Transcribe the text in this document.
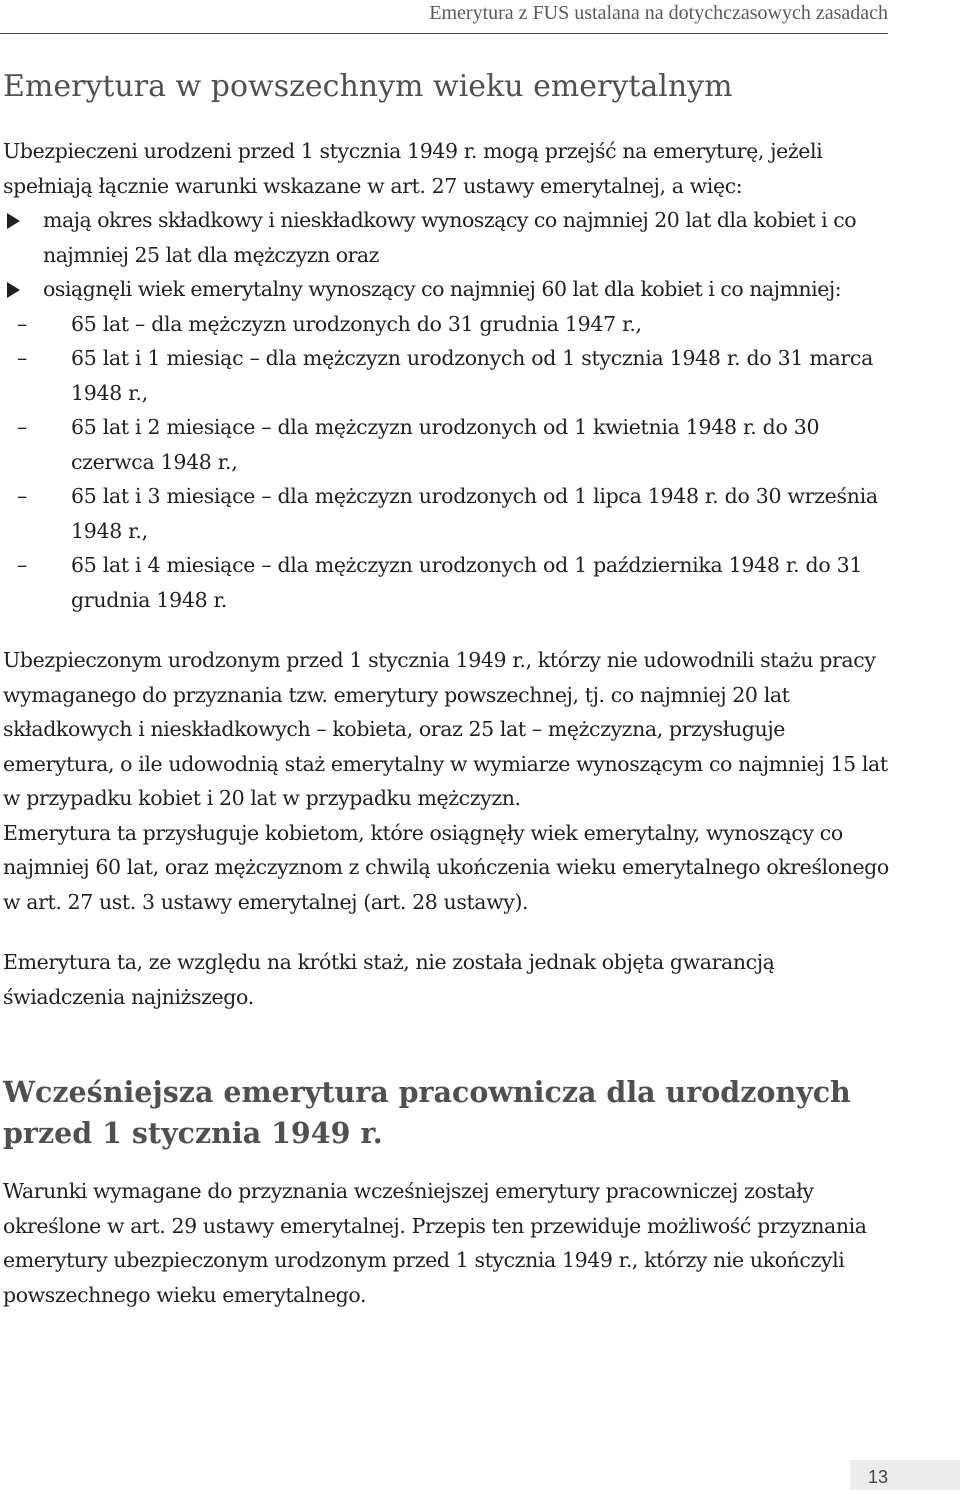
Emerytura z FUS ustalana na dotychczasowych zasadach
Emerytura w powszechnym wieku emerytalnym

Ubezpieczeni urodzeni przed 1 stycznia 1949 r. mogą przejść na emeryturę, jeżeli spełniają łącznie warunki wskazane w art. 27 ustawy emerytalnej, a więc:

mają okres składkowy i nieskładkowy wynoszący co najmniej 20 lat dla kobiet i co najmniej 25 lat dla mężczyzn oraz
osiągnęli wiek emerytalny wynoszący co najmniej 60 lat dla kobiet i co najmniej:
– 65 lat – dla mężczyzn urodzonych do 31 grudnia 1947 r.,
– 65 lat i 1 miesiąc – dla mężczyzn urodzonych od 1 stycznia 1948 r. do 31 marca 1948 r.,
– 65 lat i 2 miesiące – dla mężczyzn urodzonych od 1 kwietnia 1948 r. do 30 czerwca 1948 r.,
– 65 lat i 3 miesiące – dla mężczyzn urodzonych od 1 lipca 1948 r. do 30 września 1948 r.,
– 65 lat i 4 miesiące – dla mężczyzn urodzonych od 1 października 1948 r. do 31 grudnia 1948 r.

Ubezpieczonym urodzonym przed 1 stycznia 1949 r., którzy nie udowodnili stażu pracy wymaganego do przyznania tzw. emerytury powszechnej, tj. co najmniej 20 lat składkowych i nieskładkowych – kobieta, oraz 25 lat – mężczyzna, przysługuje emerytura, o ile udowodnią staż emerytalny w wymiarze wynoszącym co najmniej 15 lat w przypadku kobiet i 20 lat w przypadku mężczyzn.

Emerytura ta przysługuje kobietom, które osiągnęły wiek emerytalny, wynoszący co najmniej 60 lat, oraz mężczyznom z chwilą ukończenia wieku emerytalnego określonego w art. 27 ust. 3 ustawy emerytalnej (art. 28 ustawy).

Emerytura ta, ze względu na krótki staż, nie została jednak objęta gwarancją świadczenia najniższego.

Wcześniejsza emerytura pracownicza dla urodzonych przed 1 stycznia 1949 r.

Warunki wymagane do przyznania wcześniejszej emerytury pracowniczej zostały określone w art. 29 ustawy emerytalnej. Przepis ten przewiduje możliwość przyznania emerytury ubezpieczonym urodzonym przed 1 stycznia 1949 r., którzy nie ukończyli powszechnego wieku emerytalnego.

13
